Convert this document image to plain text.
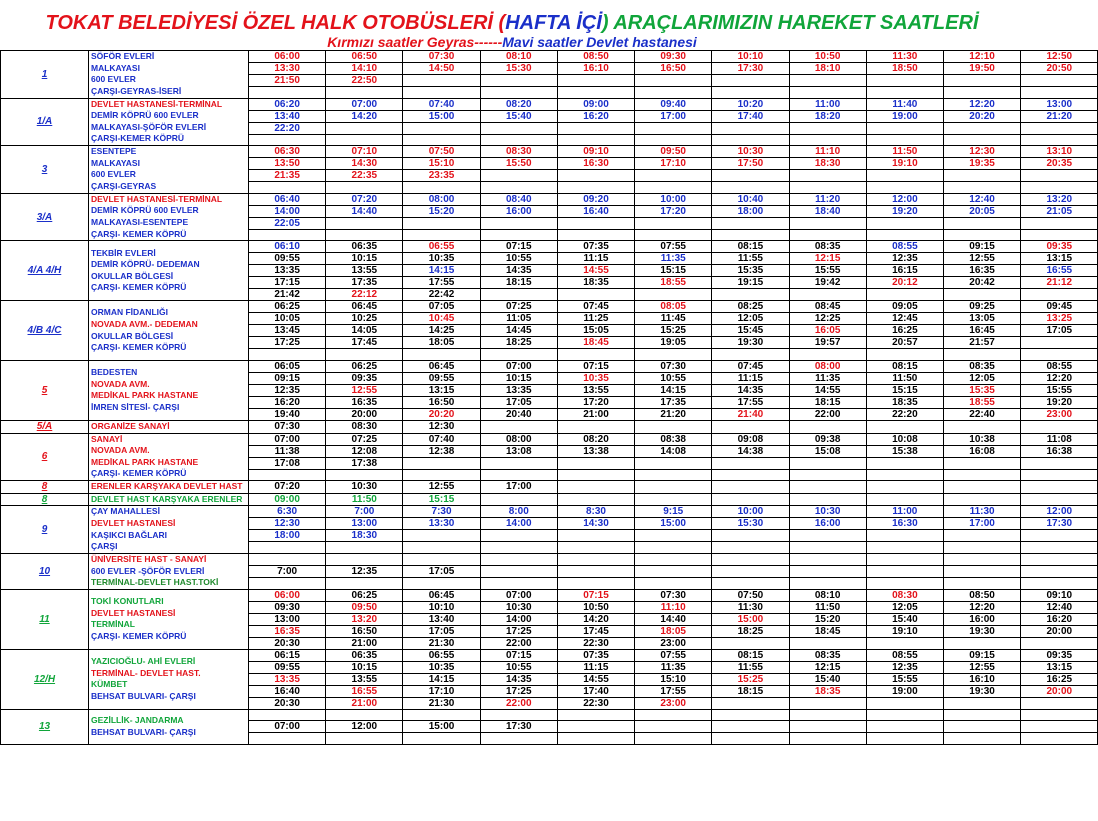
TOKAT BELEDİYESİ ÖZEL HALK OTOBÜSLERİ (HAFTA İÇİ) ARAÇLARIMIZIN HAREKET SAATLERİ
Kırmızı saatler Geyras------Mavi saatler Devlet hastanesi
1	SÖFÖR EVLERİ
MALKAYASI
600 EVLER
ÇARŞI-GEYRAS-İSERİ	06:00	06:50	07:30	08:10	08:50	09:30	10:10	10:50	11:30	12:10	12:50
		13:30	14:10	14:50	15:30	16:10	16:50	17:30	18:10	18:50	19:50	20:50
		21:50	22:50									

1/A	DEVLET HASTANESİ-TERMİNAL
DEMİR KÖPRÜ 600 EVLER
MALKAYASI-ŞÖFÖR EVLERİ
ÇARŞI-KEMER KÖPRÜ	06:20	07:00	07:40	08:20	09:00	09:40	10:20	11:00	11:40	12:20	13:00
		13:40	14:20	15:00	15:40	16:20	17:00	17:40	18:20	19:00	20:20	21:20
		22:20										

3	ESENTEPE
MALKAYASI
600 EVLER
ÇARŞI-GEYRAS	06:30	07:10	07:50	08:30	09:10	09:50	10:30	11:10	11:50	12:30	13:10
		13:50	14:30	15:10	15:50	16:30	17:10	17:50	18:30	19:10	19:35	20:35
		21:35	22:35	23:35								

3/A	DEVLET HASTANESİ-TERMİNAL
DEMİR KÖPRÜ 600 EVLER
MALKAYASI-ESENTEPE
ÇARŞI- KEMER KÖPRÜ	06:40	07:20	08:00	08:40	09:20	10:00	10:40	11:20	12:00	12:40	13:20
		14:00	14:40	15:20	16:00	16:40	17:20	18:00	18:40	19:20	20:05	21:05
		22:05										

4/A 4/H	TEKBİR EVLERİ
DEMİR KÖPRÜ- DEDEMAN
OKULLAR BÖLGESİ
ÇARŞI- KEMER KÖPRÜ	06:10	06:35	06:55	07:15	07:35	07:55	08:15	08:35	08:55	09:15	09:35
		09:55	10:15	10:35	10:55	11:15	11:35	11:55	12:15	12:35	12:55	13:15
		13:35	13:55	14:15	14:35	14:55	15:15	15:35	15:55	16:15	16:35	16:55
		17:15	17:35	17:55	18:15	18:35	18:55	19:15	19:42	20:12	20:42	21:12
		21:42	22:12	22:42								
4/B 4/C	ORMAN FİDANLIĞI
NOVADA AVM.- DEDEMAN
OKULLAR BÖLGESİ
ÇARŞI- KEMER KÖPRÜ	06:25	06:45	07:05	07:25	07:45	08:05	08:25	08:45	09:05	09:25	09:45
		10:05	10:25	10:45	11:05	11:25	11:45	12:05	12:25	12:45	13:05	13:25
		13:45	14:05	14:25	14:45	15:05	15:25	15:45	16:05	16:25	16:45	17:05
		17:25	17:45	18:05	18:25	18:45	19:05	19:30	19:57	20:57	21:57	

5	BEDESTEN
NOVADA AVM.
MEDİKAL PARK HASTANE
İMREN SİTESİ- ÇARŞI	06:05	06:25	06:45	07:00	07:15	07:30	07:45	08:00	08:15	08:35	08:55
		09:15	09:35	09:55	10:15	10:35	10:55	11:15	11:35	11:50	12:05	12:20
		12:35	12:55	13:15	13:35	13:55	14:15	14:35	14:55	15:15	15:35	15:55
		16:20	16:35	16:50	17:05	17:20	17:35	17:55	18:15	18:35	18:55	19:20
		19:40	20:00	20:20	20:40	21:00	21:20	21:40	22:00	22:20	22:40	23:00
5/A	ORGANİZE SANAYİ	07:30	08:30	12:30								
6	SANAYİ
NOVADA AVM.
MEDİKAL PARK HASTANE
ÇARŞI- KEMER KÖPRÜ	07:00	07:25	07:40	08:00	08:20	08:38	09:08	09:38	10:08	10:38	11:08
		11:38	12:08	12:38	13:08	13:38	14:08	14:38	15:08	15:38	16:08	16:38
		17:08	17:38									

8	ERENLER KARŞYAKA DEVLET HAST	07:20	10:30	12:55	17:00							
8	DEVLET HAST KARŞYAKA ERENLER	09:00	11:50	15:15								
9	ÇAY MAHALLESİ
DEVLET HASTANESİ
KAŞIKCI BAĞLARI
ÇARŞI	6:30	7:00	7:30	8:00	8:30	9:15	10:00	10:30	11:00	11:30	12:00
		12:30	13:00	13:30	14:00	14:30	15:00	15:30	16:00	16:30	17:00	17:30
		18:00	18:30									

10	ÜNİVERSİTE HAST - SANAYİ
600 EVLER -ŞÖFÖR EVLERİ
TERMİNAL-DEVLET HAST.TOKİ											

		7:00	12:35	17:05								

11	TOKİ KONUTLARI
DEVLET HASTANESİ
TERMİNAL
ÇARŞI- KEMER KÖPRÜ	06:00	06:25	06:45	07:00	07:15	07:30	07:50	08:10	08:30	08:50	09:10
		09:30	09:50	10:10	10:30	10:50	11:10	11:30	11:50	12:05	12:20	12:40
		13:00	13:20	13:40	14:00	14:20	14:40	15:00	15:20	15:40	16:00	16:20
		16:35	16:50	17:05	17:25	17:45	18:05	18:25	18:45	19:10	19:30	20:00
		20:30	21:00	21:30	22:00	22:30	23:00					
12/H	YAZICIOĞLU- AHİ EVLERİ
TERMİNAL- DEVLET HAST.
KÜMBET
BEHSAT BULVARI- ÇARŞI	06:15	06:35	06:55	07:15	07:35	07:55	08:15	08:35	08:55	09:15	09:35
		09:55	10:15	10:35	10:55	11:15	11:35	11:55	12:15	12:35	12:55	13:15
		13:35	13:55	14:15	14:35	14:55	15:10	15:25	15:40	15:55	16:10	16:25
		16:40	16:55	17:10	17:25	17:40	17:55	18:15	18:35	19:00	19:30	20:00
		20:30	21:00	21:30	22:00	22:30	23:00					
13	GEZİLLİK- JANDARMA
BEHSAT BULVARI- ÇARŞI											

		07:00	12:00	15:00	17:30							
